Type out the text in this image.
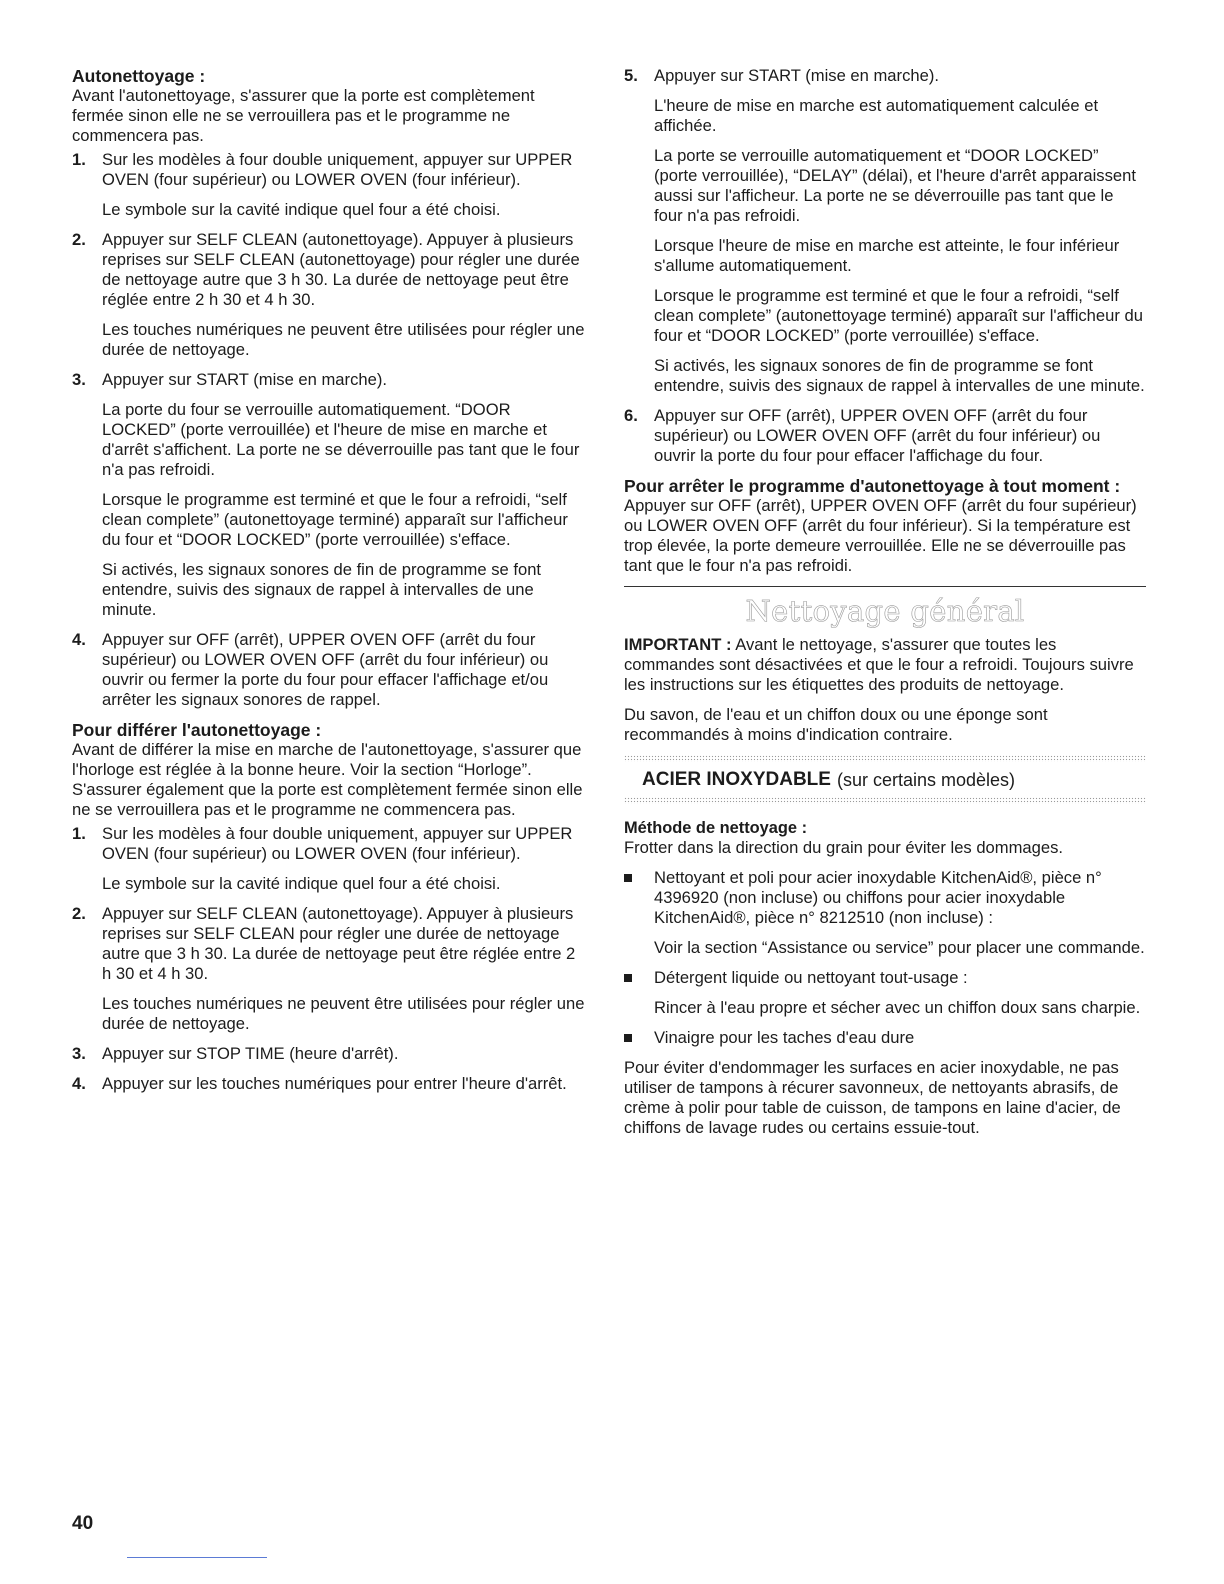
Autonettoyage :

Avant l'autonettoyage, s'assurer que la porte est complètement fermée sinon elle ne se verrouillera pas et le programme ne commencera pas.

1. Sur les modèles à four double uniquement, appuyer sur UPPER OVEN (four supérieur) ou LOWER OVEN (four inférieur).

Le symbole sur la cavité indique quel four a été choisi.

2. Appuyer sur SELF CLEAN (autonettoyage). Appuyer à plusieurs reprises sur SELF CLEAN (autonettoyage) pour régler une durée de nettoyage autre que 3 h 30. La durée de nettoyage peut être réglée entre 2 h 30 et 4 h 30.

Les touches numériques ne peuvent être utilisées pour régler une durée de nettoyage.

3. Appuyer sur START (mise en marche).

La porte du four se verrouille automatiquement. “DOOR LOCKED” (porte verrouillée) et l'heure de mise en marche et d'arrêt s'affichent. La porte ne se déverrouille pas tant que le four n'a pas refroidi.

Lorsque le programme est terminé et que le four a refroidi, “self clean complete” (autonettoyage terminé) apparaît sur l'afficheur du four et “DOOR LOCKED” (porte verrouillée) s'efface.

Si activés, les signaux sonores de fin de programme se font entendre, suivis des signaux de rappel à intervalles de une minute.

4. Appuyer sur OFF (arrêt), UPPER OVEN OFF (arrêt du four supérieur) ou LOWER OVEN OFF (arrêt du four inférieur) ou ouvrir ou fermer la porte du four pour effacer l'affichage et/ou arrêter les signaux sonores de rappel.

Pour différer l'autonettoyage :

Avant de différer la mise en marche de l'autonettoyage, s'assurer que l'horloge est réglée à la bonne heure. Voir la section “Horloge”. S'assurer également que la porte est complètement fermée sinon elle ne se verrouillera pas et le programme ne commencera pas.

1. Sur les modèles à four double uniquement, appuyer sur UPPER OVEN (four supérieur) ou LOWER OVEN (four inférieur).

Le symbole sur la cavité indique quel four a été choisi.

2. Appuyer sur SELF CLEAN (autonettoyage). Appuyer à plusieurs reprises sur SELF CLEAN pour régler une durée de nettoyage autre que 3 h 30. La durée de nettoyage peut être réglée entre 2 h 30 et 4 h 30.

Les touches numériques ne peuvent être utilisées pour régler une durée de nettoyage.

3. Appuyer sur STOP TIME (heure d'arrêt).

4. Appuyer sur les touches numériques pour entrer l'heure d'arrêt.

5. Appuyer sur START (mise en marche).

L'heure de mise en marche est automatiquement calculée et affichée.

La porte se verrouille automatiquement et “DOOR LOCKED” (porte verrouillée), “DELAY” (délai), et l'heure d'arrêt apparaissent aussi sur l'afficheur. La porte ne se déverrouille pas tant que le four n'a pas refroidi.

Lorsque l'heure de mise en marche est atteinte, le four inférieur s'allume automatiquement.

Lorsque le programme est terminé et que le four a refroidi, “self clean complete” (autonettoyage terminé) apparaît sur l'afficheur du four et “DOOR LOCKED” (porte verrouillée) s'efface.

Si activés, les signaux sonores de fin de programme se font entendre, suivis des signaux de rappel à intervalles de une minute.

6. Appuyer sur OFF (arrêt), UPPER OVEN OFF (arrêt du four supérieur) ou LOWER OVEN OFF (arrêt du four inférieur) ou ouvrir la porte du four pour effacer l'affichage du four.

Pour arrêter le programme d'autonettoyage à tout moment :

Appuyer sur OFF (arrêt), UPPER OVEN OFF (arrêt du four supérieur) ou LOWER OVEN OFF (arrêt du four inférieur). Si la température est trop élevée, la porte demeure verrouillée. Elle ne se déverrouille pas tant que le four n'a pas refroidi.

Nettoyage général

IMPORTANT : Avant le nettoyage, s'assurer que toutes les commandes sont désactivées et que le four a refroidi. Toujours suivre les instructions sur les étiquettes des produits de nettoyage.

Du savon, de l'eau et un chiffon doux ou une éponge sont recommandés à moins d'indication contraire.

ACIER INOXYDABLE (sur certains modèles)
Méthode de nettoyage :

Frotter dans la direction du grain pour éviter les dommages.

Nettoyant et poli pour acier inoxydable KitchenAid®, pièce n° 4396920 (non incluse) ou chiffons pour acier inoxydable KitchenAid®, pièce n° 8212510 (non incluse) :

Voir la section “Assistance ou service” pour placer une commande.

Détergent liquide ou nettoyant tout-usage :

Rincer à l'eau propre et sécher avec un chiffon doux sans charpie.

Vinaigre pour les taches d'eau dure

Pour éviter d'endommager les surfaces en acier inoxydable, ne pas utiliser de tampons à récurer savonneux, de nettoyants abrasifs, de crème à polir pour table de cuisson, de tampons en laine d'acier, de chiffons de lavage rudes ou certains essuie-tout.

40
